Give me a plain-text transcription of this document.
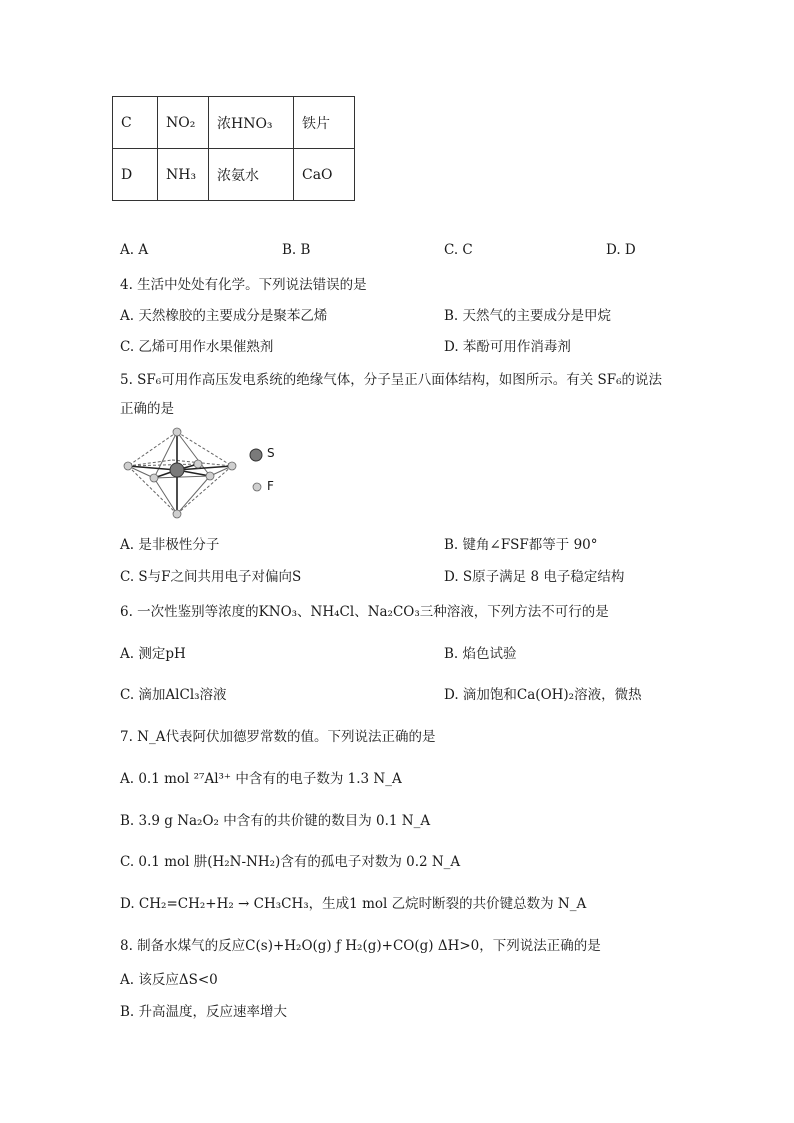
C	NO₂	浓HNO₃	铁片
D	NH₃	浓氨水	CaO
A. A	B. B	C. C	D. D
4. 生活中处处有化学。下列说法错误的是
A. 天然橡胶的主要成分是聚苯乙烯	B. 天然气的主要成分是甲烷
C. 乙烯可用作水果催熟剂	D. 苯酚可用作消毒剂
5. SF₆可用作高压发电系统的绝缘气体，分子呈正八面体结构，如图所示。有关 SF₆的说法
正确的是
S
F
A. 是非极性分子	B. 键角∠FSF都等于 90°
C. S与F之间共用电子对偏向S	D. S原子满足 8 电子稳定结构
6. 一次性鉴别等浓度的KNO₃、NH₄Cl、Na₂CO₃三种溶液，下列方法不可行的是
A. 测定pH	B. 焰色试验
C. 滴加AlCl₃溶液	D. 滴加饱和Ca(OH)₂溶液，微热
7. N_A代表阿伏加德罗常数的值。下列说法正确的是
A. 0.1 mol ²⁷Al³⁺ 中含有的电子数为 1.3 N_A
B. 3.9 g Na₂O₂ 中含有的共价键的数目为 0.1 N_A
C. 0.1 mol 肼(H₂N-NH₂)含有的孤电子对数为 0.2 N_A
D. CH₂=CH₂+H₂ → CH₃CH₃，生成1 mol 乙烷时断裂的共价键总数为 N_A
8. 制备水煤气的反应C(s)+H₂O(g) ƒ H₂(g)+CO(g) ΔH>0，下列说法正确的是
A. 该反应ΔS<0
B. 升高温度，反应速率增大
